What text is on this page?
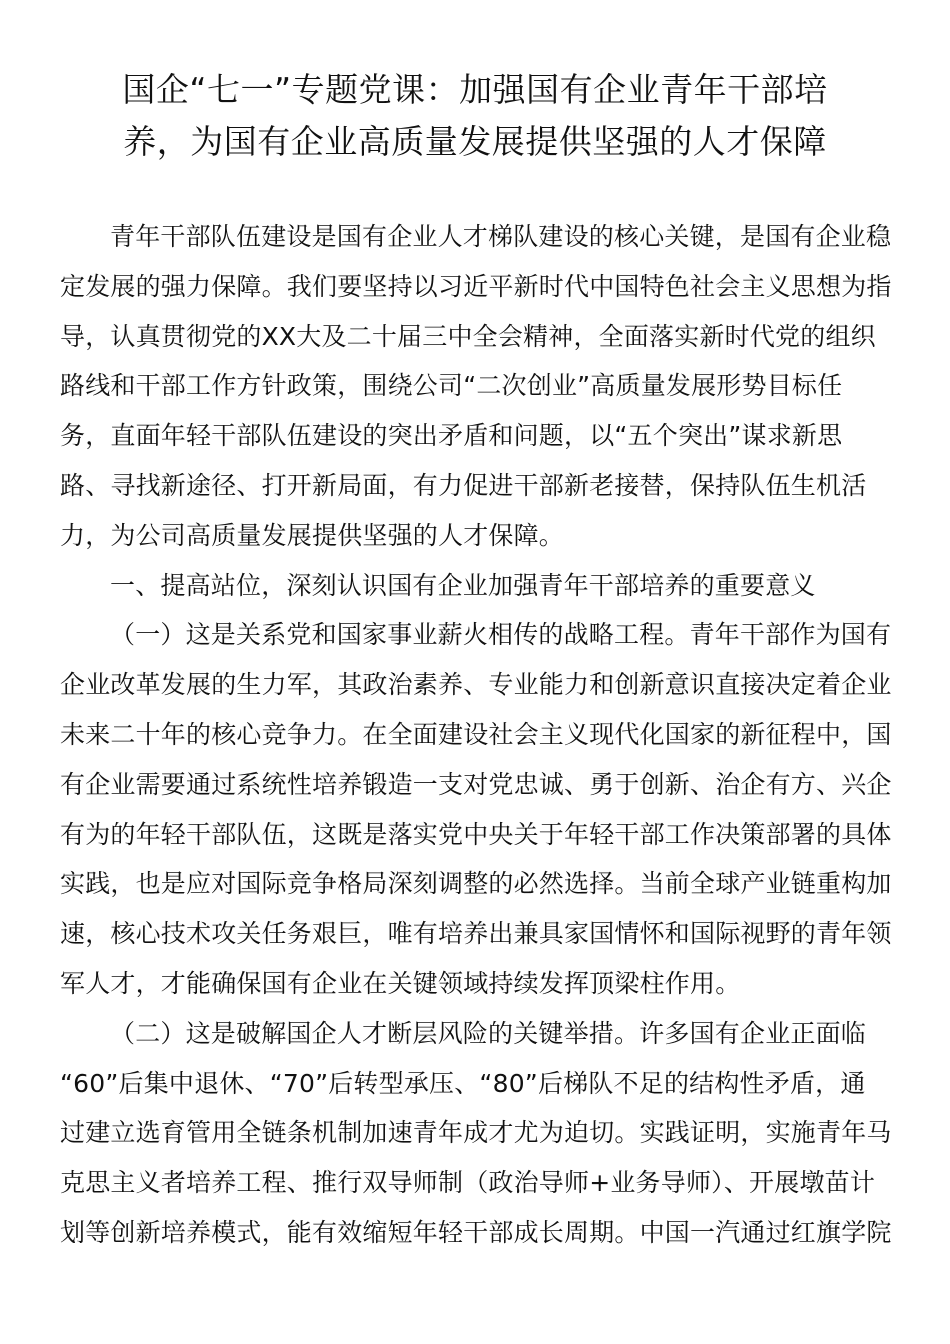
国企“七一”专题党课：加强国有企业青年干部培
养，为国有企业高质量发展提供坚强的人才保障

青年干部队伍建设是国有企业人才梯队建设的核心关键，是国有企业稳
定发展的强力保障。我们要坚持以习近平新时代中国特色社会主义思想为指
导，认真贯彻党的XX大及二十届三中全会精神，全面落实新时代党的组织
路线和干部工作方针政策，围绕公司“二次创业”高质量发展形势目标任
务，直面年轻干部队伍建设的突出矛盾和问题，以“五个突出”谋求新思
路、寻找新途径、打开新局面，有力促进干部新老接替，保持队伍生机活
力，为公司高质量发展提供坚强的人才保障。

一、提高站位，深刻认识国有企业加强青年干部培养的重要意义

（一）这是关系党和国家事业薪火相传的战略工程。青年干部作为国有
企业改革发展的生力军，其政治素养、专业能力和创新意识直接决定着企业
未来二十年的核心竞争力。在全面建设社会主义现代化国家的新征程中，国
有企业需要通过系统性培养锻造一支对党忠诚、勇于创新、治企有方、兴企
有为的年轻干部队伍，这既是落实党中央关于年轻干部工作决策部署的具体
实践，也是应对国际竞争格局深刻调整的必然选择。当前全球产业链重构加
速，核心技术攻关任务艰巨，唯有培养出兼具家国情怀和国际视野的青年领
军人才，才能确保国有企业在关键领域持续发挥顶梁柱作用。

（二）这是破解国企人才断层风险的关键举措。许多国有企业正面临
“60”后集中退休、“70”后转型承压、“80”后梯队不足的结构性矛盾，通
过建立选育管用全链条机制加速青年成才尤为迫切。实践证明，实施青年马
克思主义者培养工程、推行双导师制（政治导师+业务导师）、开展墩苗计
划等创新培养模式，能有效缩短年轻干部成长周期。中国一汽通过红旗学院
